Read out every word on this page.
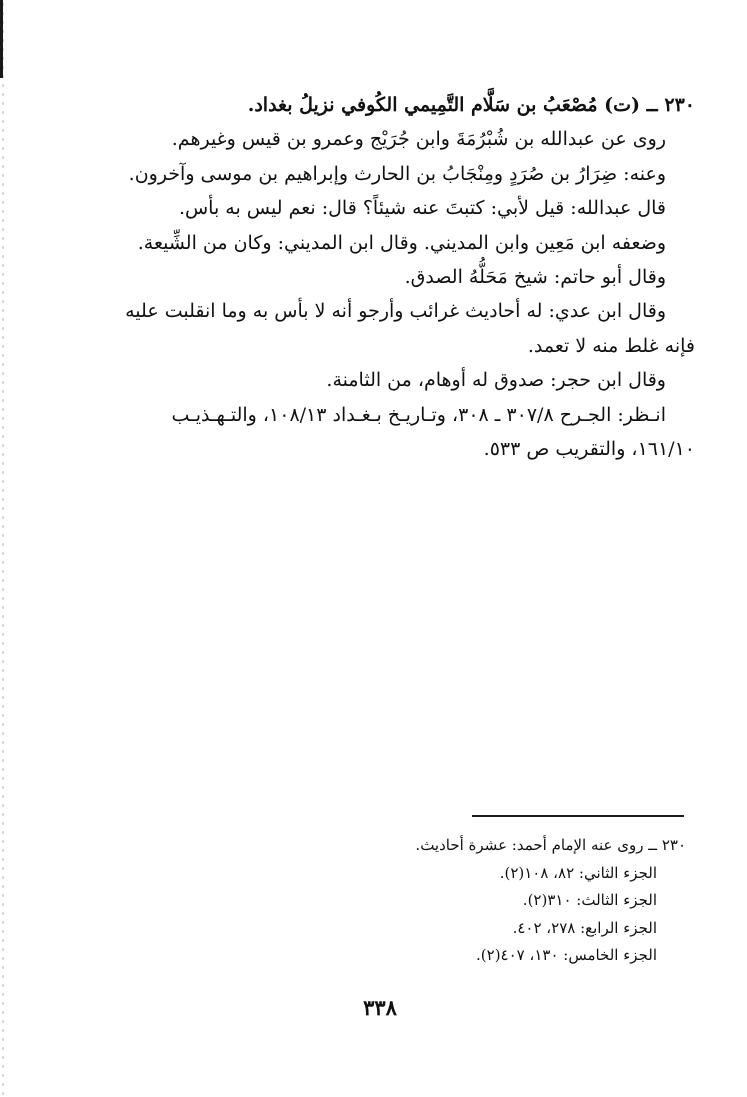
٢٣٠ ــ (ت) مُصْعَبُ بن سَلَّام التَّمِيمي الكُوفي نزيلُ بغداد.

روى عن عبدالله بن شُبْرُمَةَ وابن جُرَيْج وعمرو بن قيس وغيرهم.

وعنه: ضِرَارُ بن صُرَدٍ ومِنْجَابُ بن الحارث وإبراهيم بن موسى وآخرون.

قال عبدالله: قيل لأبي: كتبتَ عنه شيئاً؟ قال: نعم ليس به بأس.

وضعفه ابن مَعِين وابن المديني. وقال ابن المديني: وكان من الشِّيعة.

وقال أبو حاتم: شيخ مَحَلُّهُ الصدق.

وقال ابن عدي: له أحاديث غرائب وأرجو أنه لا بأس به وما انقلبت عليه

فإنه غلط منه لا تعمد.

وقال ابن حجر: صدوق له أوهام، من الثامنة.

انـظر: الجـرح ٣٠٧/٨ ـ ٣٠٨، وتـاريـخ بـغـداد ١٠٨/١٣، والتـهـذيـب

١٦١/١٠، والتقريب ص ٥٣٣.

٢٣٠ ــ روى عنه الإمام أحمد: عشرة أحاديث.

الجزء الثاني: ٨٢، ١٠٨(٢).

الجزء الثالث: ٣١٠(٢).

الجزء الرابع: ٢٧٨، ٤٠٢.

الجزء الخامس: ١٣٠، ٤٠٧(٢).

٣٣٨
